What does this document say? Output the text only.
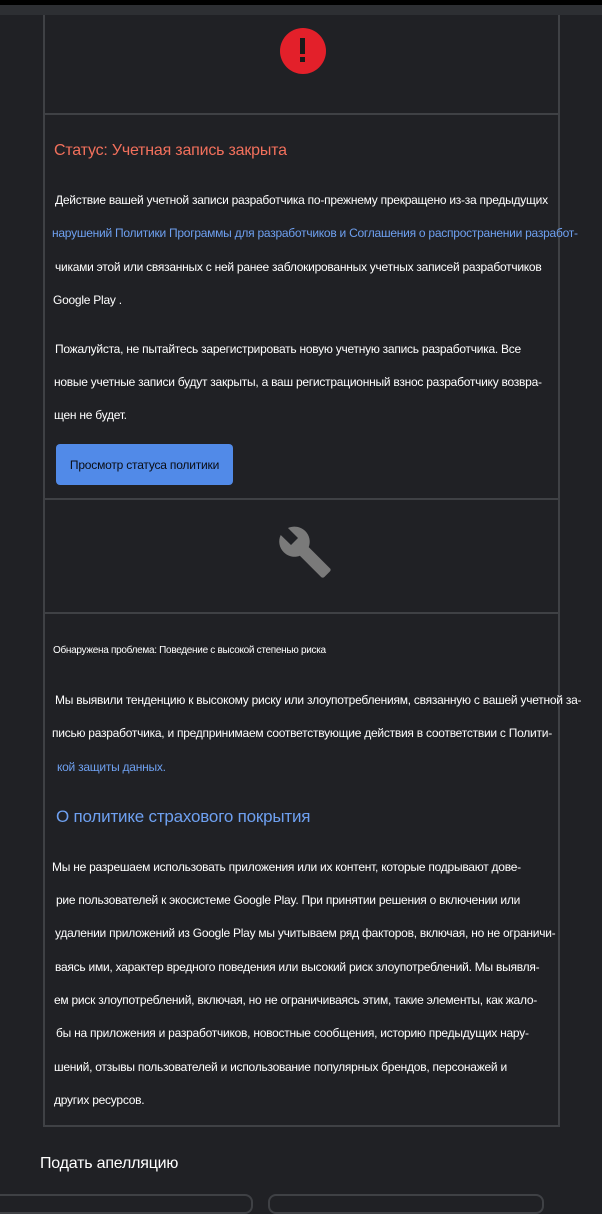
Статус: Учетная запись закрыта
Действие вашей учетной записи разработчика по-прежнему прекращено из-за предыдущих
нарушений Политики Программы для разработчиков и Соглашения о распространении разработ-
чиками этой или связанных с ней ранее заблокированных учетных записей разработчиков
Google Play .
Пожалуйста, не пытайтесь зарегистрировать новую учетную запись разработчика. Все
новые учетные записи будут закрыты, а ваш регистрационный взнос разработчику возвра-
щен не будет.
Просмотр статуса политики
Обнаружена проблема: Поведение с высокой степенью риска
Мы выявили тенденцию к высокому риску или злоупотреблениям, связанную с вашей учетной за-
писью разработчика, и предпринимаем соответствующие действия в соответствии с Полити-
кой защиты данных.
О политике страхового покрытия
Мы не разрешаем использовать приложения или их контент, которые подрывают дове-
рие пользователей к экосистеме Google Play. При принятии решения о включении или
удалении приложений из Google Play мы учитываем ряд факторов, включая, но не ограничи-
ваясь ими, характер вредного поведения или высокий риск злоупотреблений. Мы выявля-
ем риск злоупотреблений, включая, но не ограничиваясь этим, такие элементы, как жало-
бы на приложения и разработчиков, новостные сообщения, историю предыдущих нару-
шений, отзывы пользователей и использование популярных брендов, персонажей и
других ресурсов.
Подать апелляцию
